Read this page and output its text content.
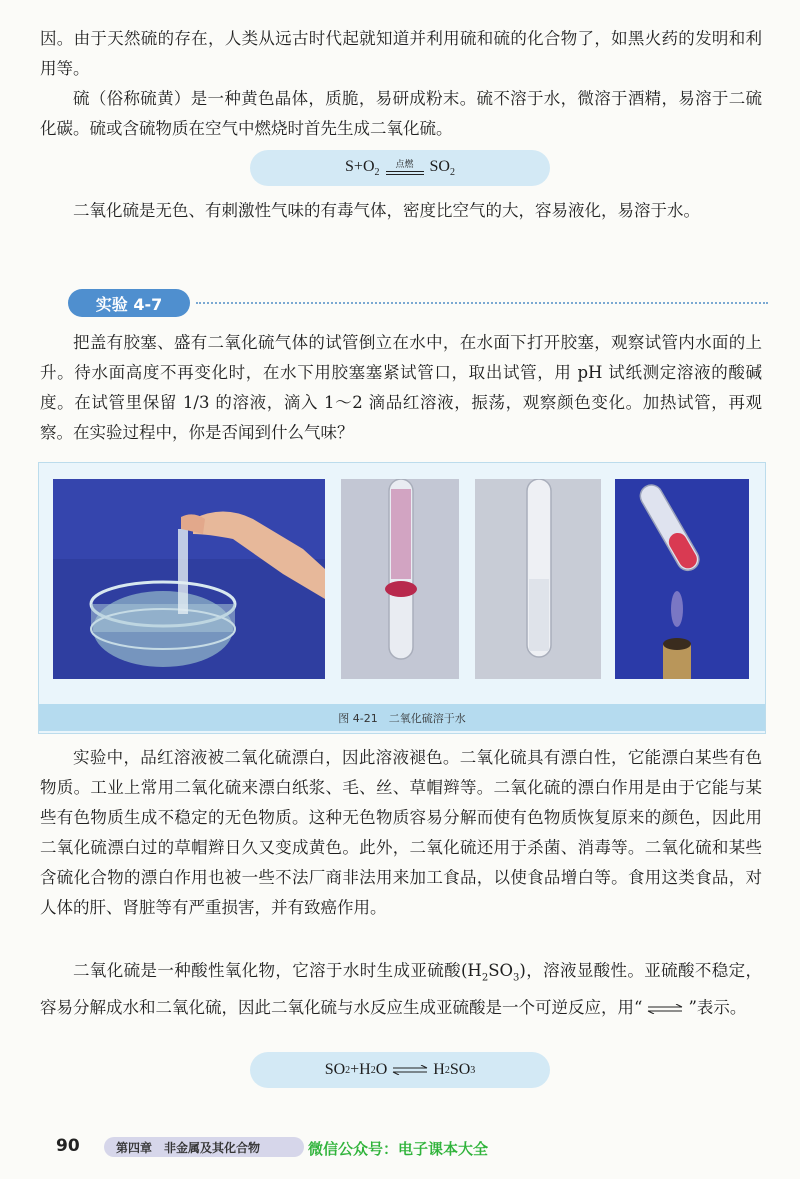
因。由于天然硫的存在，人类从远古时代起就知道并利用硫和硫的化合物了，如黑火药的发明和利用等。

硫（俗称硫黄）是一种黄色晶体，质脆，易研成粉末。硫不溶于水，微溶于酒精，易溶于二硫化碳。硫或含硫物质在空气中燃烧时首先生成二氧化硫。

$S+O_2$
点燃 $SO_2$

二氧化硫是无色、有刺激性气味的有毒气体，密度比空气的大，容易液化，易溶于水。

实验 4-7

把盖有胶塞、盛有二氧化硫气体的试管倒立在水中，在水面下打开胶塞，观察试管内水面的上升。待水面高度不再变化时，在水下用胶塞塞紧试管口，取出试管，用 pH 试纸测定溶液的酸碱度。在试管里保留 1/3 的溶液，滴入 1～2 滴品红溶液，振荡，观察颜色变化。加热试管，再观察。在实验过程中，你是否闻到什么气味？

图 4-21　二氧化硫溶于水

实验中，品红溶液被二氧化硫漂白，因此溶液褪色。二氧化硫具有漂白性，它能漂白某些有色物质。工业上常用二氧化硫来漂白纸浆、毛、丝、草帽辫等。二氧化硫的漂白作用是由于它能与某些有色物质生成不稳定的无色物质。这种无色物质容易分解而使有色物质恢复原来的颜色，因此用二氧化硫漂白过的草帽辫日久又变成黄色。此外，二氧化硫还用于杀菌、消毒等。二氧化硫和某些含硫化合物的漂白作用也被一些不法厂商非法用来加工食品，以使食品增白等。食用这类食品，对人体的肝、肾脏等有严重损害，并有致癌作用。

二氧化硫是一种酸性氧化物，它溶于水时生成亚硫酸$(H_2SO_3)$，溶液显酸性。亚硫酸不稳定，容易分解成水和二氧化硫，因此二氧化硫与水反应生成亚硫酸是一个可逆反应，用“ ⇌ ”表示。

SO 2 +H 2 O ⇌ H 2 SO 3
90	第四章　非金属及其化合物	微信公众号：电子课本大全
